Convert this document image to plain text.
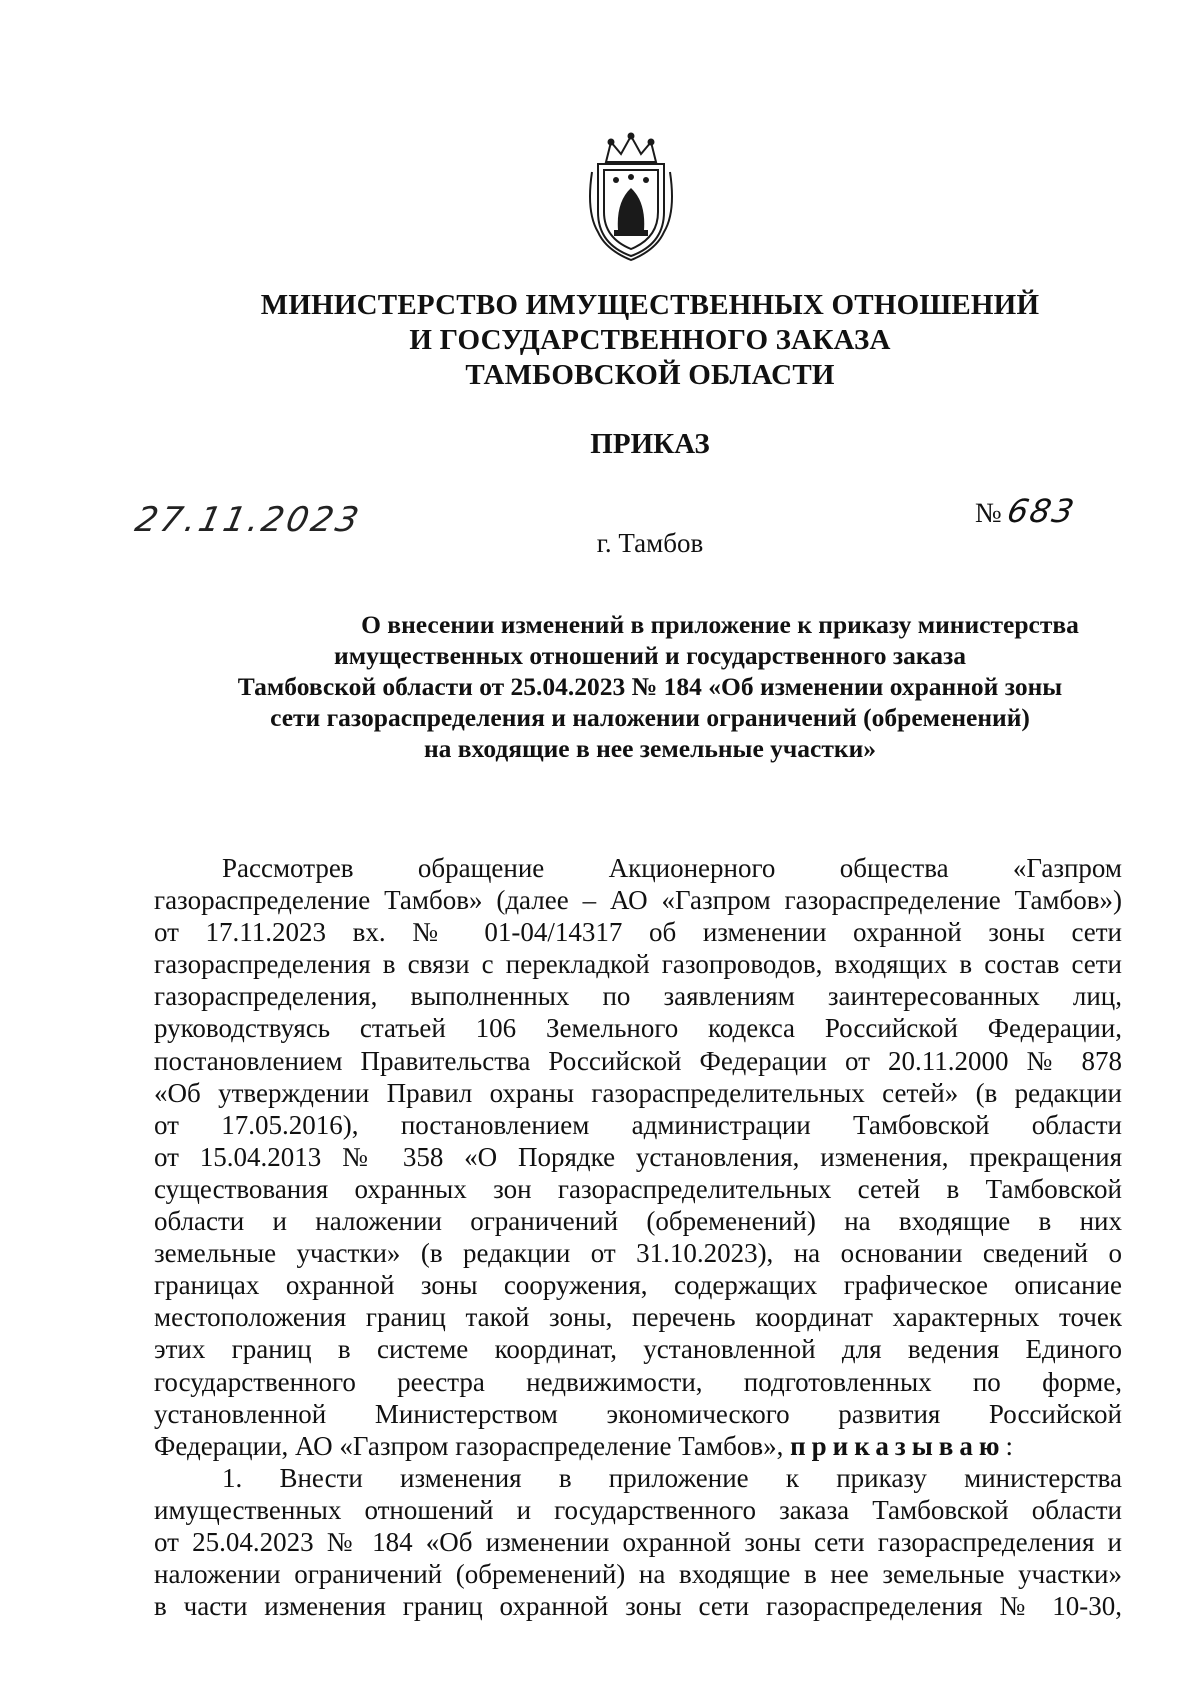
МИНИСТЕРСТВО ИМУЩЕСТВЕННЫХ ОТНОШЕНИЙ
И ГОСУДАРСТВЕННОГО ЗАКАЗА
ТАМБОВСКОЙ ОБЛАСТИ
ПРИКАЗ
27.11.2023	№683
г. Тамбов
О внесении изменений в приложение к приказу министерства
имущественных отношений и государственного заказа
Тамбовской области от 25.04.2023 № 184 «Об изменении охранной зоны
сети газораспределения и наложении ограничений (обременений)
на входящие в нее земельные участки»
Рассмотрев обращение Акционерного общества «Газпром
газораспределение Тамбов» (далее – АО «Газпром газораспределение Тамбов»)
от 17.11.2023 вх. № 01-04/14317 об изменении охранной зоны сети
газораспределения в связи с перекладкой газопроводов, входящих в состав сети
газораспределения, выполненных по заявлениям заинтересованных лиц,
руководствуясь статьей 106 Земельного кодекса Российской Федерации,
постановлением Правительства Российской Федерации от 20.11.2000 № 878
«Об утверждении Правил охраны газораспределительных сетей» (в редакции
от 17.05.2016), постановлением администрации Тамбовской области
от 15.04.2013 № 358 «О Порядке установления, изменения, прекращения
существования охранных зон газораспределительных сетей в Тамбовской
области и наложении ограничений (обременений) на входящие в них
земельные участки» (в редакции от 31.10.2023), на основании сведений о
границах охранной зоны сооружения, содержащих графическое описание
местоположения границ такой зоны, перечень координат характерных точек
этих границ в системе координат, установленной для ведения Единого
государственного реестра недвижимости, подготовленных по форме,
установленной Министерством экономического развития Российской
Федерации, АО «Газпром газораспределение Тамбов», приказываю:
1. Внести изменения в приложение к приказу министерства
имущественных отношений и государственного заказа Тамбовской области
от 25.04.2023 № 184 «Об изменении охранной зоны сети газораспределения и
наложении ограничений (обременений) на входящие в нее земельные участки»
в части изменения границ охранной зоны сети газораспределения № 10-30,
